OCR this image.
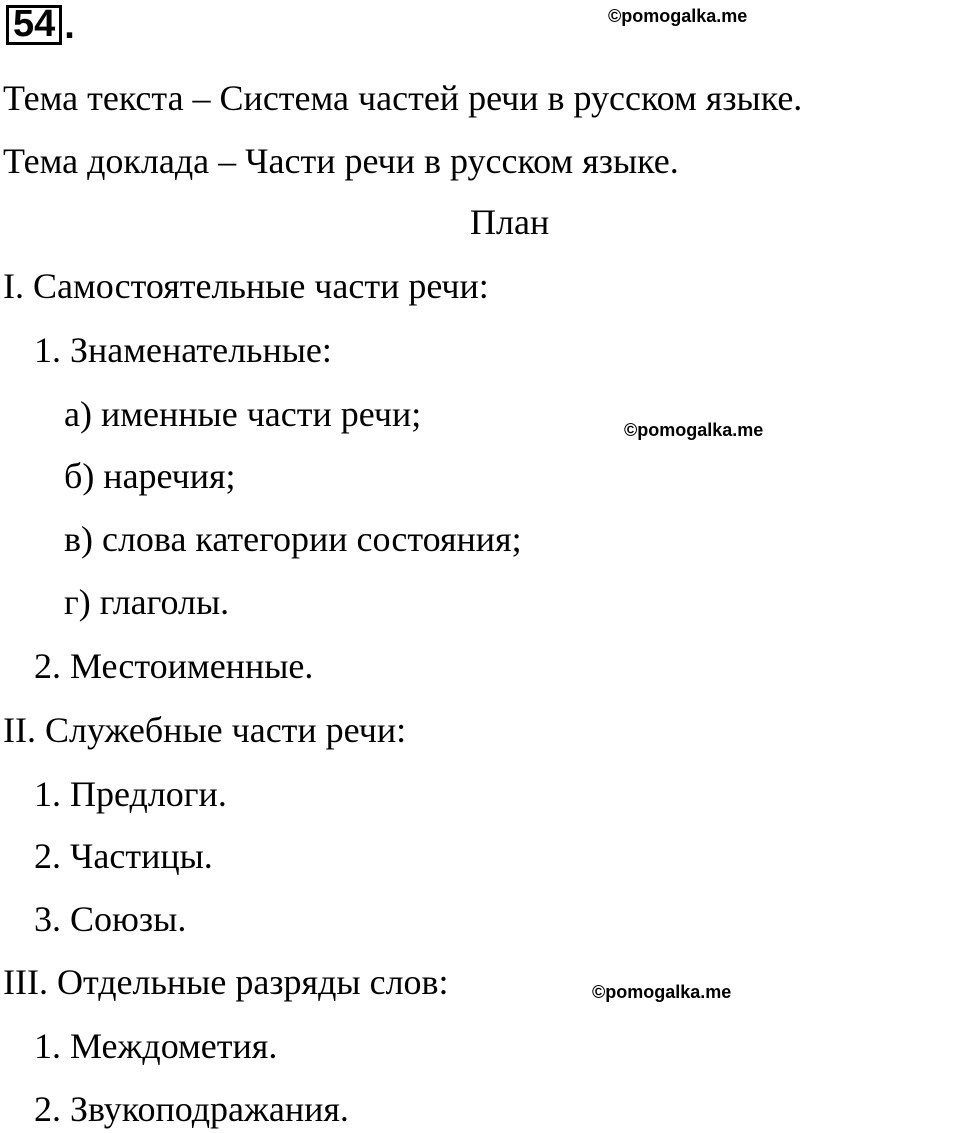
54 .	©pomogalka.me
©pomogalka.me
©pomogalka.me
Тема текста – Система частей речи в русском языке.
Тема доклада – Части речи в русском языке.
План
I. Самостоятельные части речи:
1. Знаменательные:
а) именные части речи;
б) наречия;
в) слова категории состояния;
г) глаголы.
2. Местоименные.
II. Служебные части речи:
1. Предлоги.
2. Частицы.
3. Союзы.
III. Отдельные разряды слов:
1. Междометия.
2. Звукоподражания.
